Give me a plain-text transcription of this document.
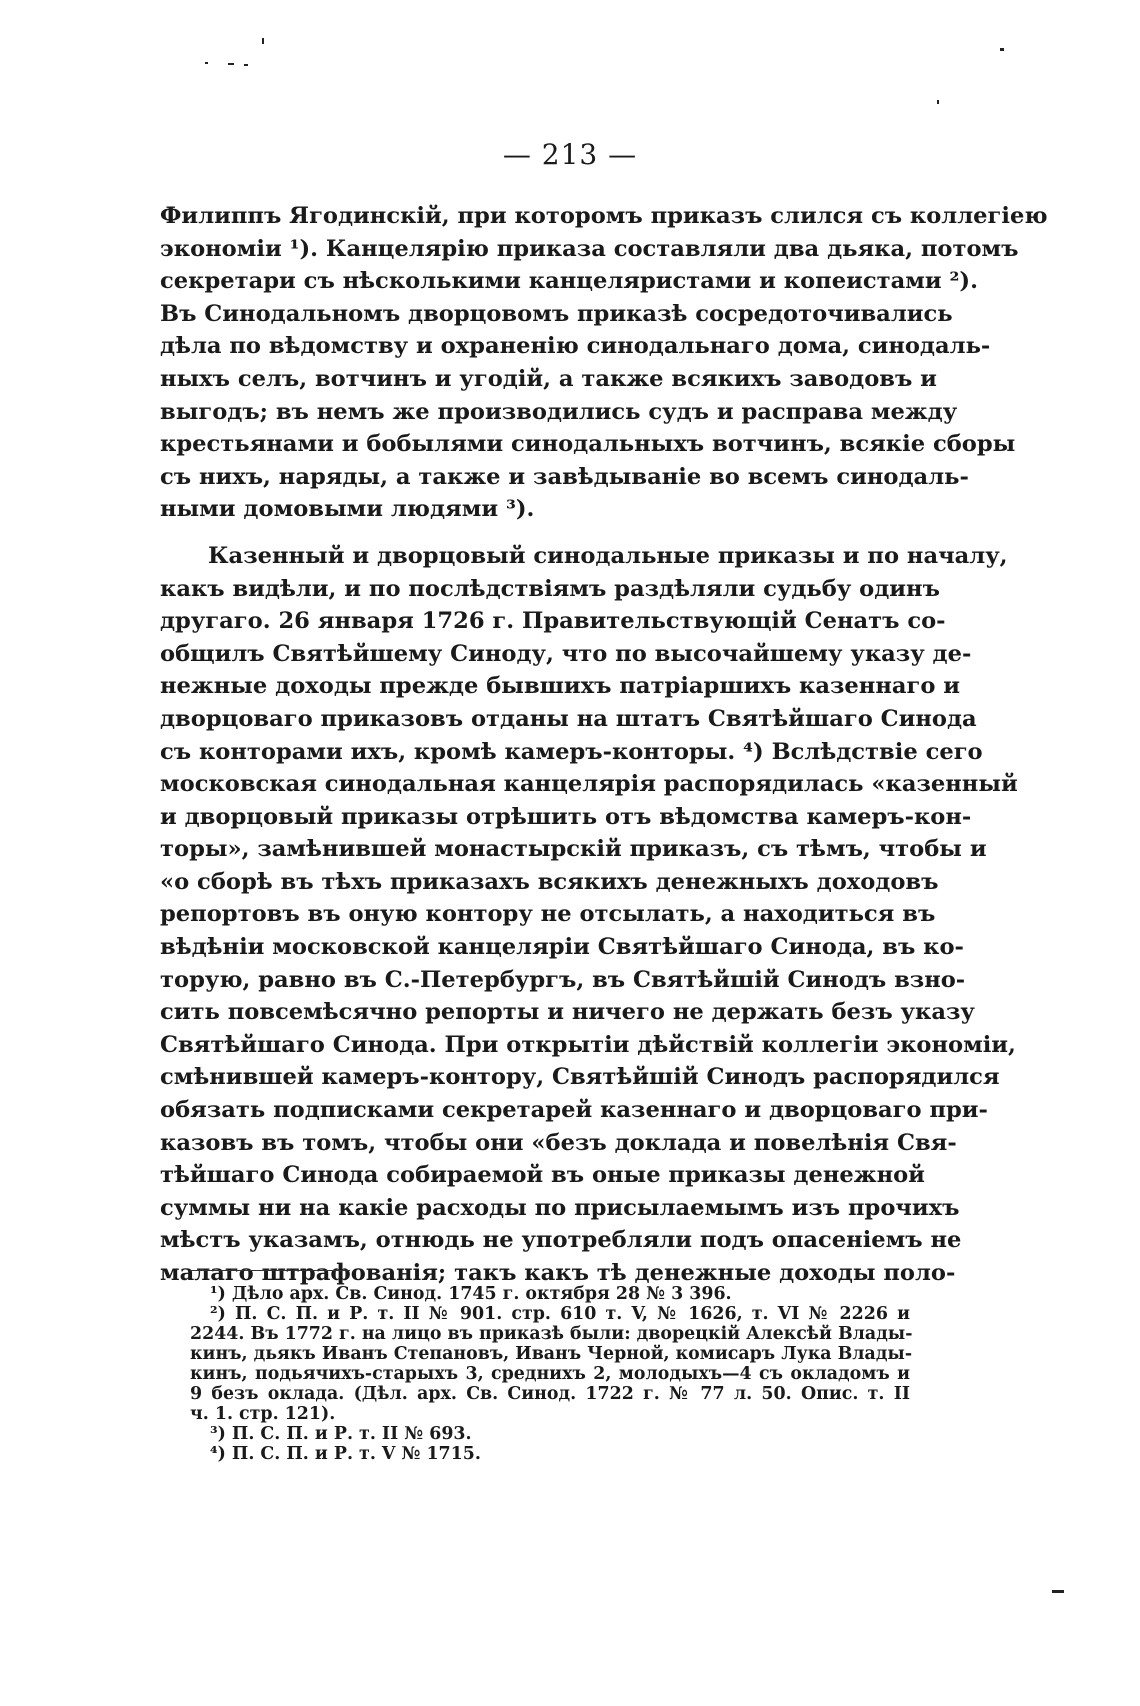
— 213 —
Филиппъ Ягодинскій, при которомъ приказъ слился съ коллегіею
экономіи ¹). Канцелярію приказа составляли два дьяка, потомъ
секретари съ нѣсколькими канцеляристами и копеистами ²).
Въ Синодальномъ дворцовомъ приказѣ сосредоточивались
дѣла по вѣдомству и охраненію синодальнаго дома, синодаль-
ныхъ селъ, вотчинъ и угодій, а также всякихъ заводовъ и
выгодъ; въ немъ же производились судъ и расправа между
крестьянами и бобылями синодальныхъ вотчинъ, всякіе сборы
съ нихъ, наряды, а также и завѣдываніе во всемъ синодаль-
ными домовыми людями ³).
Казенный и дворцовый синодальные приказы и по началу,
какъ видѣли, и по послѣдствіямъ раздѣляли судьбу одинъ
другаго. 26 января 1726 г. Правительствующій Сенатъ со-
общилъ Святѣйшему Синоду, что по высочайшему указу де-
нежные доходы прежде бывшихъ патріаршихъ казеннаго и
дворцоваго приказовъ отданы на штатъ Святѣйшаго Синода
съ конторами ихъ, кромѣ камеръ-конторы. ⁴) Вслѣдствіе сего
московская синодальная канцелярія распорядилась «казенный
и дворцовый приказы отрѣшить отъ вѣдомства камеръ-кон-
торы», замѣнившей монастырскій приказъ, съ тѣмъ, чтобы и
«о сборѣ въ тѣхъ приказахъ всякихъ денежныхъ доходовъ
репортовъ въ оную контору не отсылать, а находиться въ
вѣдѣніи московской канцеляріи Святѣйшаго Синода, въ ко-
торую, равно въ С.-Петербургъ, въ Святѣйшій Синодъ взно-
сить повсемѣсячно репорты и ничего не держать безъ указу
Святѣйшаго Синода. При открытіи дѣйствій коллегіи экономіи,
смѣнившей камеръ-контору, Святѣйшій Синодъ распорядился
обязать подписками секретарей казеннаго и дворцоваго при-
казовъ въ томъ, чтобы они «безъ доклада и повелѣнія Свя-
тѣйшаго Синода собираемой въ оные приказы денежной
суммы ни на какіе расходы по присылаемымъ изъ прочихъ
мѣстъ указамъ, отнюдь не употребляли подъ опасеніемъ не
малаго штрафованія; такъ какъ тѣ денежные доходы поло-
¹) Дѣло арх. Св. Синод. 1745 г. октября 28 № 3 396.
²) П. С. П. и Р. т. II № 901. стр. 610 т. V, № 1626, т. VI № 2226 и
2244. Въ 1772 г. на лицо въ приказѣ были: дворецкій Алексѣй Влады-
кинъ, дьякъ Иванъ Степановъ, Иванъ Черной, комисаръ Лука Влады-
кинъ, подьячихъ-старыхъ 3, среднихъ 2, молодыхъ—4 съ окладомъ и
9 безъ оклада. (Дѣл. арх. Св. Синод. 1722 г. № 77 л. 50. Опис. т. II
ч. 1. стр. 121).
³) П. С. П. и Р. т. II № 693.
⁴) П. С. П. и Р. т. V № 1715.
